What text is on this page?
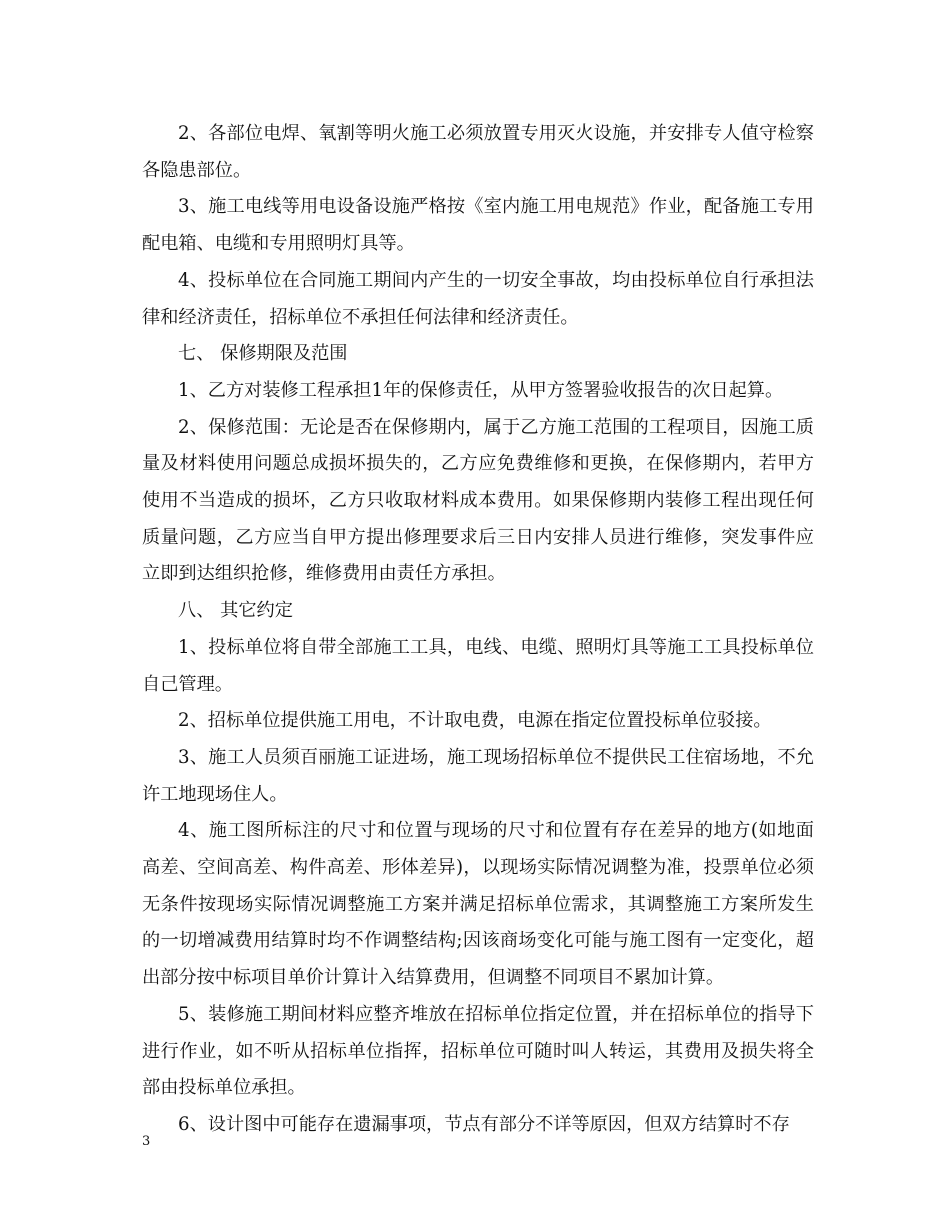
2、各部位电焊、氧割等明火施工必须放置专用灭火设施，并安排专人值守检察各隐患部位。

3、施工电线等用电设备设施严格按《室内施工用电规范》作业，配备施工专用配电箱、电缆和专用照明灯具等。

4、投标单位在合同施工期间内产生的一切安全事故，均由投标单位自行承担法律和经济责任，招标单位不承担任何法律和经济责任。

七、 保修期限及范围

1、乙方对装修工程承担1年的保修责任，从甲方签署验收报告的次日起算。

2、保修范围：无论是否在保修期内，属于乙方施工范围的工程项目，因施工质量及材料使用问题总成损坏损失的，乙方应免费维修和更换，在保修期内，若甲方使用不当造成的损坏，乙方只收取材料成本费用。如果保修期内装修工程出现任何质量问题，乙方应当自甲方提出修理要求后三日内安排人员进行维修，突发事件应立即到达组织抢修，维修费用由责任方承担。

八、 其它约定

1、投标单位将自带全部施工工具，电线、电缆、照明灯具等施工工具投标单位自己管理。

2、招标单位提供施工用电，不计取电费，电源在指定位置投标单位驳接。

3、施工人员须百丽施工证进场，施工现场招标单位不提供民工住宿场地，不允许工地现场住人。

4、施工图所标注的尺寸和位置与现场的尺寸和位置有存在差异的地方(如地面高差、空间高差、构件高差、形体差异)，以现场实际情况调整为准，投票单位必须无条件按现场实际情况调整施工方案并满足招标单位需求，其调整施工方案所发生的一切增减费用结算时均不作调整结构;因该商场变化可能与施工图有一定变化，超出部分按中标项目单价计算计入结算费用，但调整不同项目不累加计算。

5、装修施工期间材料应整齐堆放在招标单位指定位置，并在招标单位的指导下进行作业，如不听从招标单位指挥，招标单位可随时叫人转运，其费用及损失将全部由投标单位承担。

6、设计图中可能存在遗漏事项，节点有部分不详等原因，但双方结算时不存

3
